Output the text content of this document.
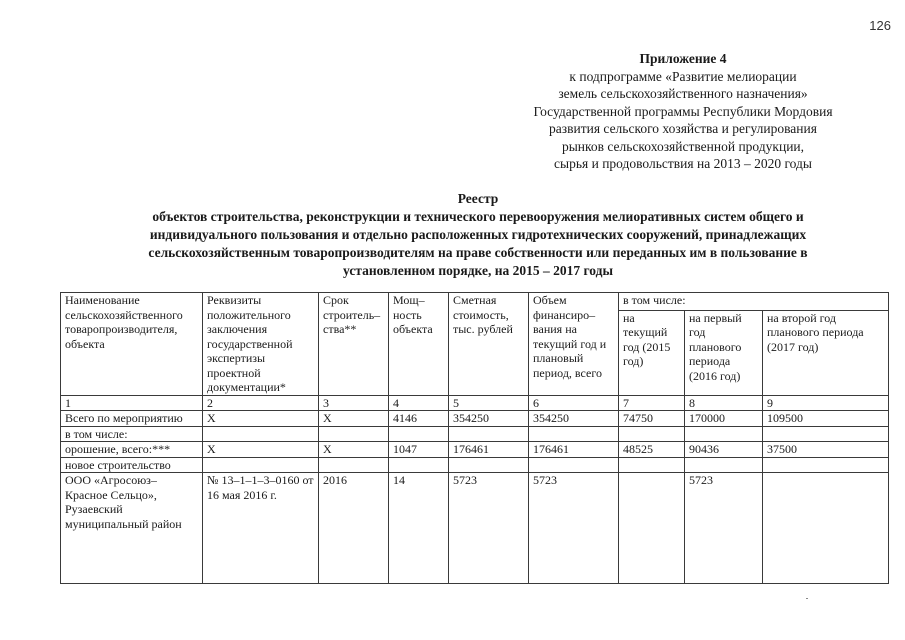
126
Приложение 4
к подпрограмме «Развитие мелиорации
земель сельскохозяйственного назначения»
Государственной программы Республики Мордовия
развития сельского хозяйства и регулирования
рынков сельскохозяйственной продукции,
сырья и продовольствия на 2013 – 2020 годы
Реестр
объектов строительства, реконструкции и технического перевооружения мелиоративных систем общего и
индивидуального пользования и отдельно расположенных гидротехнических сооружений, принадлежащих
сельскохозяйственным товаропроизводителям на праве собственности или переданных им в пользование в
установленном порядке, на 2015 – 2017 годы
Наименование сельскохозяйственного товаропроизводителя, объекта	Реквизиты положительного заключения государственной экспертизы проектной документации*	Срок строитель–ства**	Мощ–ность объекта	Сметная стоимость, тыс. рублей	Объем финансиро–вания на текущий год и плановый период, всего	в том числе:		
						на текущий год (2015 год)	на первый год планового периода (2016 год)	на второй год планового периода (2017 год)
1	2	3	4	5	6	7	8	9
Всего по мероприятию	X	X	4146	354250	354250	74750	170000	109500
в том числе:								
орошение, всего:***	X	X	1047	176461	176461	48525	90436	37500
новое строительство								
ООО «Агросоюз–Красное Сельцо», Рузаевский муниципальный район	№ 13–1–1–3–0160 от 16 мая 2016 г.	2016	14	5723	5723		5723	
